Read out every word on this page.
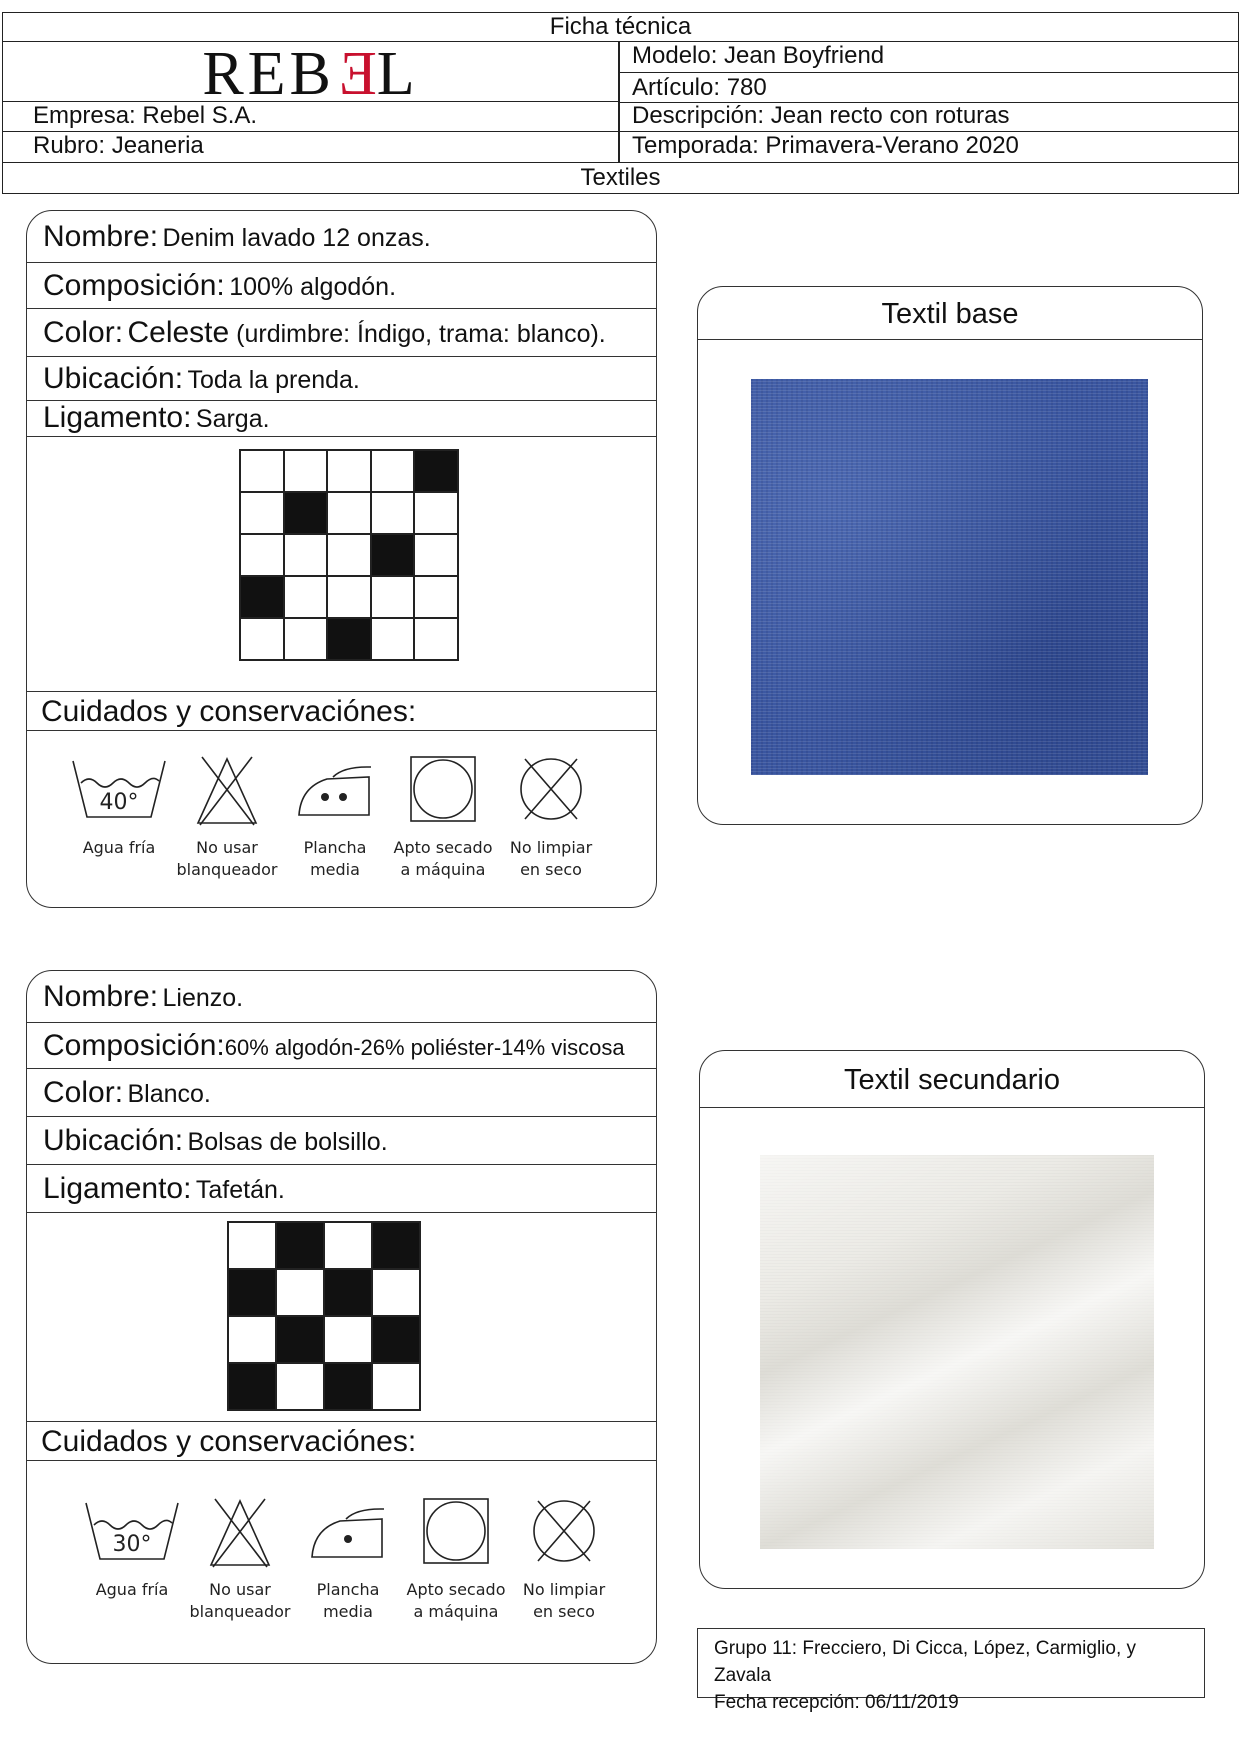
Ficha técnica
REBEL	Modelo: Jean Boyfriend
Artículo: 780
Empresa: Rebel S.A.	Descripción: Jean recto con roturas
Rubro: Jeaneria	Temporada: Primavera-Verano 2020
Textiles
Nombre: Denim lavado 12 onzas.
Composición: 100% algodón.
Color: Celeste (urdimbre: Índigo, trama: blanco).
Ubicación: Toda la prenda.
Ligamento: Sarga.
Cuidados y conservaciónes:
40°
Agua fría	No usar
blanqueador
Plancha
media
Apto secado
a máquina
No limpiar
en seco
Textil base
Nombre: Lienzo.
Composición:60% algodón-26% poliéster-14% viscosa
Color: Blanco.
Ubicación: Bolsas de bolsillo.
Ligamento: Tafetán.
Cuidados y conservaciónes:
30°
Agua fría	No usar
blanqueador
Plancha
media
Apto secado
a máquina
No limpiar
en seco
Textil secundario
Grupo 11: Frecciero, Di Cicca, López, Carmiglio, y Zavala
Fecha recepción: 06/11/2019
